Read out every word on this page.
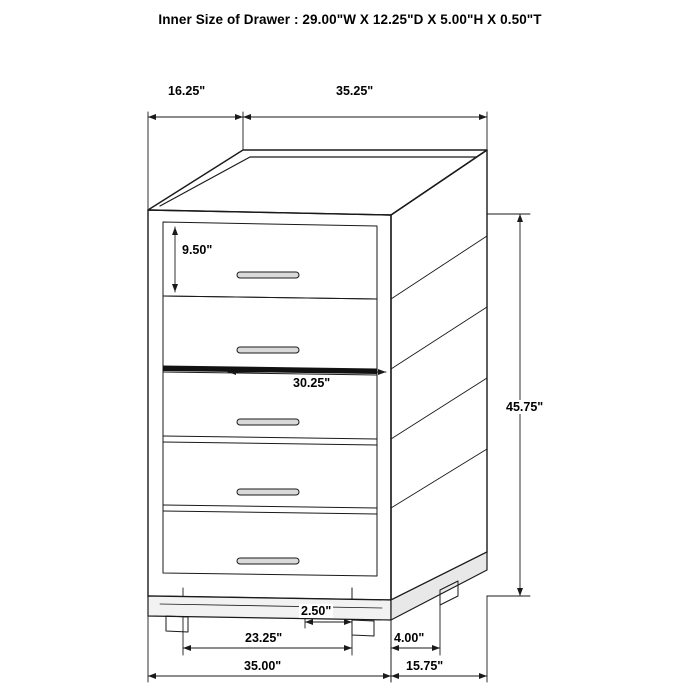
Inner Size of Drawer : 29.00"W X 12.25"D X 5.00"H X 0.50"T
16.25"	35.25"
9.50"
30.25"
45.75"
2.50"
23.25"	4.00"
35.00"	15.75"
